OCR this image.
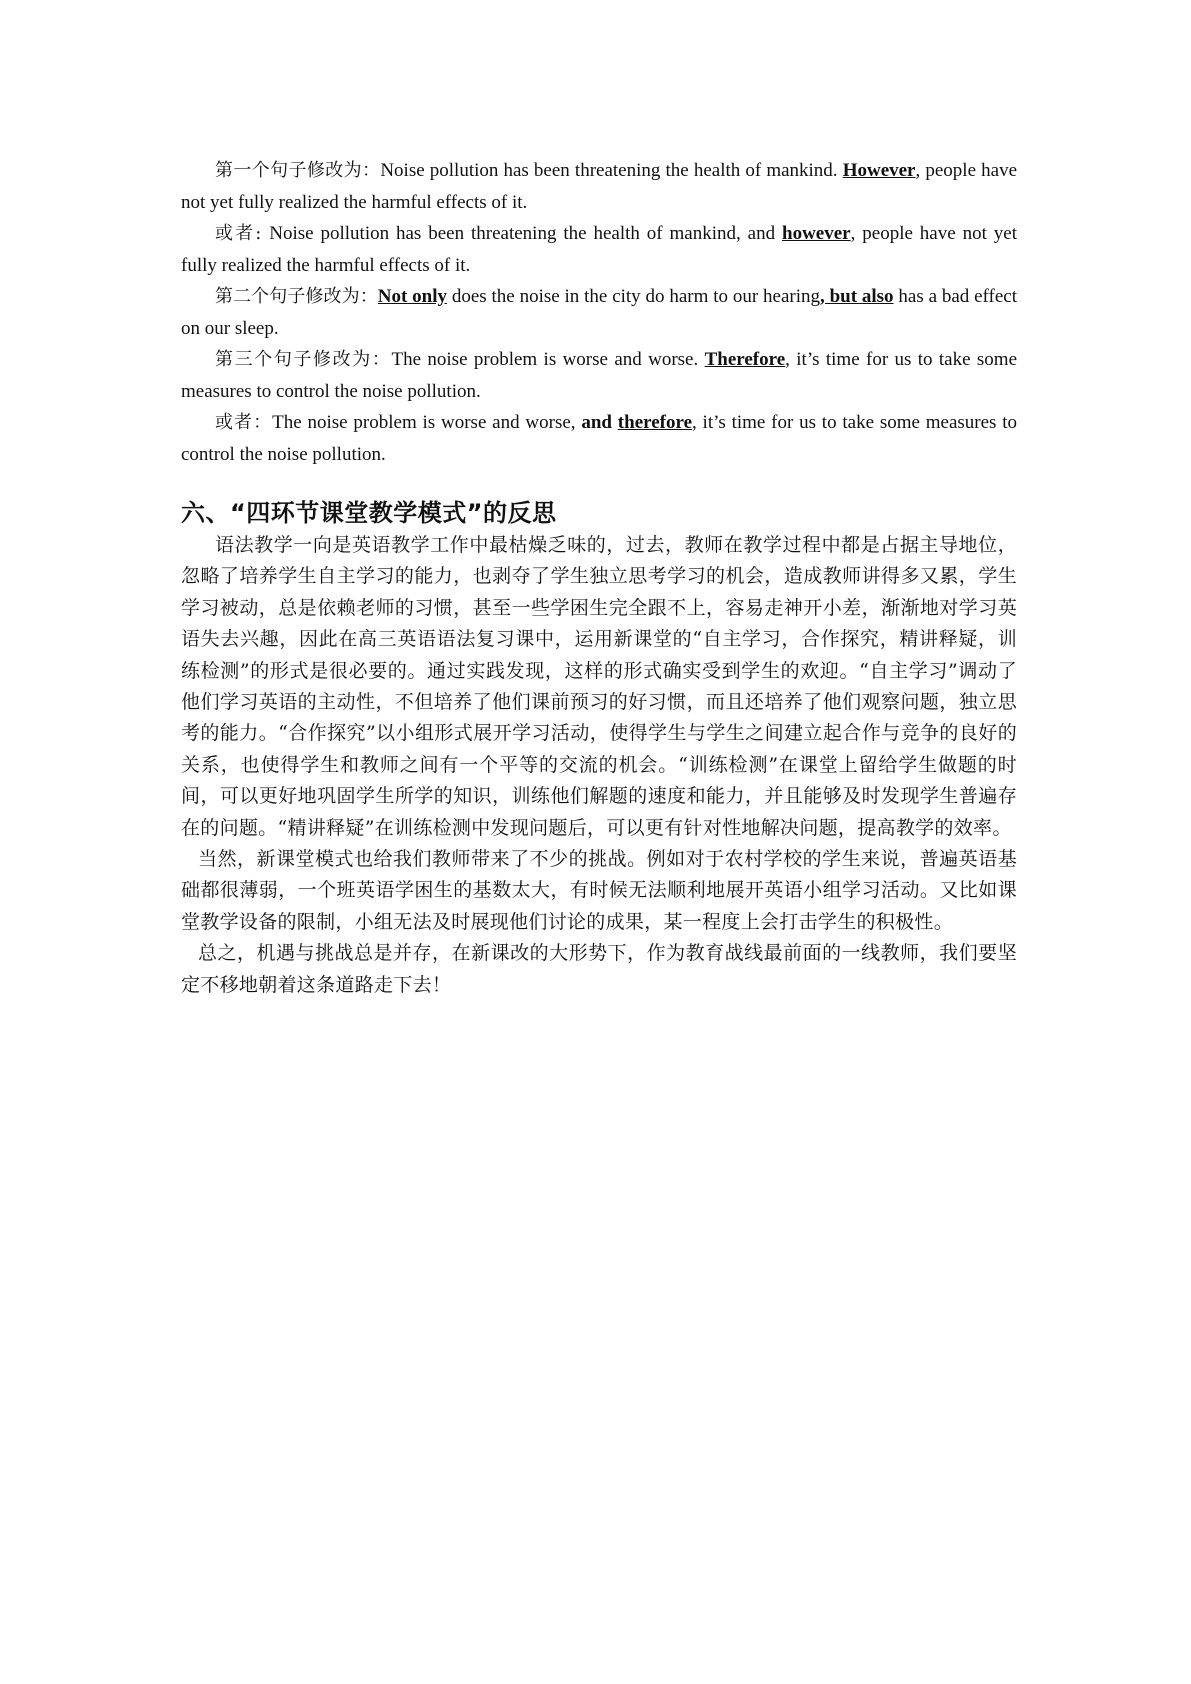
第一个句子修改为：Noise pollution has been threatening the health of mankind. However, people have not yet fully realized the harmful effects of it.

或者: Noise pollution has been threatening the health of mankind, and however, people have not yet fully realized the harmful effects of it.

第二个句子修改为：Not only does the noise in the city do harm to our hearing, but also has a bad effect on our sleep.

第三个句子修改为：The noise problem is worse and worse. Therefore, it’s time for us to take some measures to control the noise pollution.

或者：The noise problem is worse and worse, and therefore, it’s time for us to take some measures to control the noise pollution.

六、“四环节课堂教学模式”的反思

语法教学一向是英语教学工作中最枯燥乏味的，过去，教师在教学过程中都是占据主导地位，忽略了培养学生自主学习的能力，也剥夺了学生独立思考学习的机会，造成教师讲得多又累，学生学习被动，总是依赖老师的习惯，甚至一些学困生完全跟不上，容易走神开小差，渐渐地对学习英语失去兴趣，因此在高三英语语法复习课中，运用新课堂的“自主学习，合作探究，精讲释疑，训练检测”的形式是很必要的。通过实践发现，这样的形式确实受到学生的欢迎。“自主学习”调动了他们学习英语的主动性，不但培养了他们课前预习的好习惯，而且还培养了他们观察问题，独立思考的能力。“合作探究”以小组形式展开学习活动，使得学生与学生之间建立起合作与竞争的良好的关系，也使得学生和教师之间有一个平等的交流的机会。“训练检测”在课堂上留给学生做题的时间，可以更好地巩固学生所学的知识，训练他们解题的速度和能力，并且能够及时发现学生普遍存在的问题。“精讲释疑”在训练检测中发现问题后，可以更有针对性地解决问题，提高教学的效率。

当然，新课堂模式也给我们教师带来了不少的挑战。例如对于农村学校的学生来说，普遍英语基础都很薄弱，一个班英语学困生的基数太大，有时候无法顺利地展开英语小组学习活动。又比如课堂教学设备的限制，小组无法及时展现他们讨论的成果，某一程度上会打击学生的积极性。

总之，机遇与挑战总是并存，在新课改的大形势下，作为教育战线最前面的一线教师，我们要坚定不移地朝着这条道路走下去！
